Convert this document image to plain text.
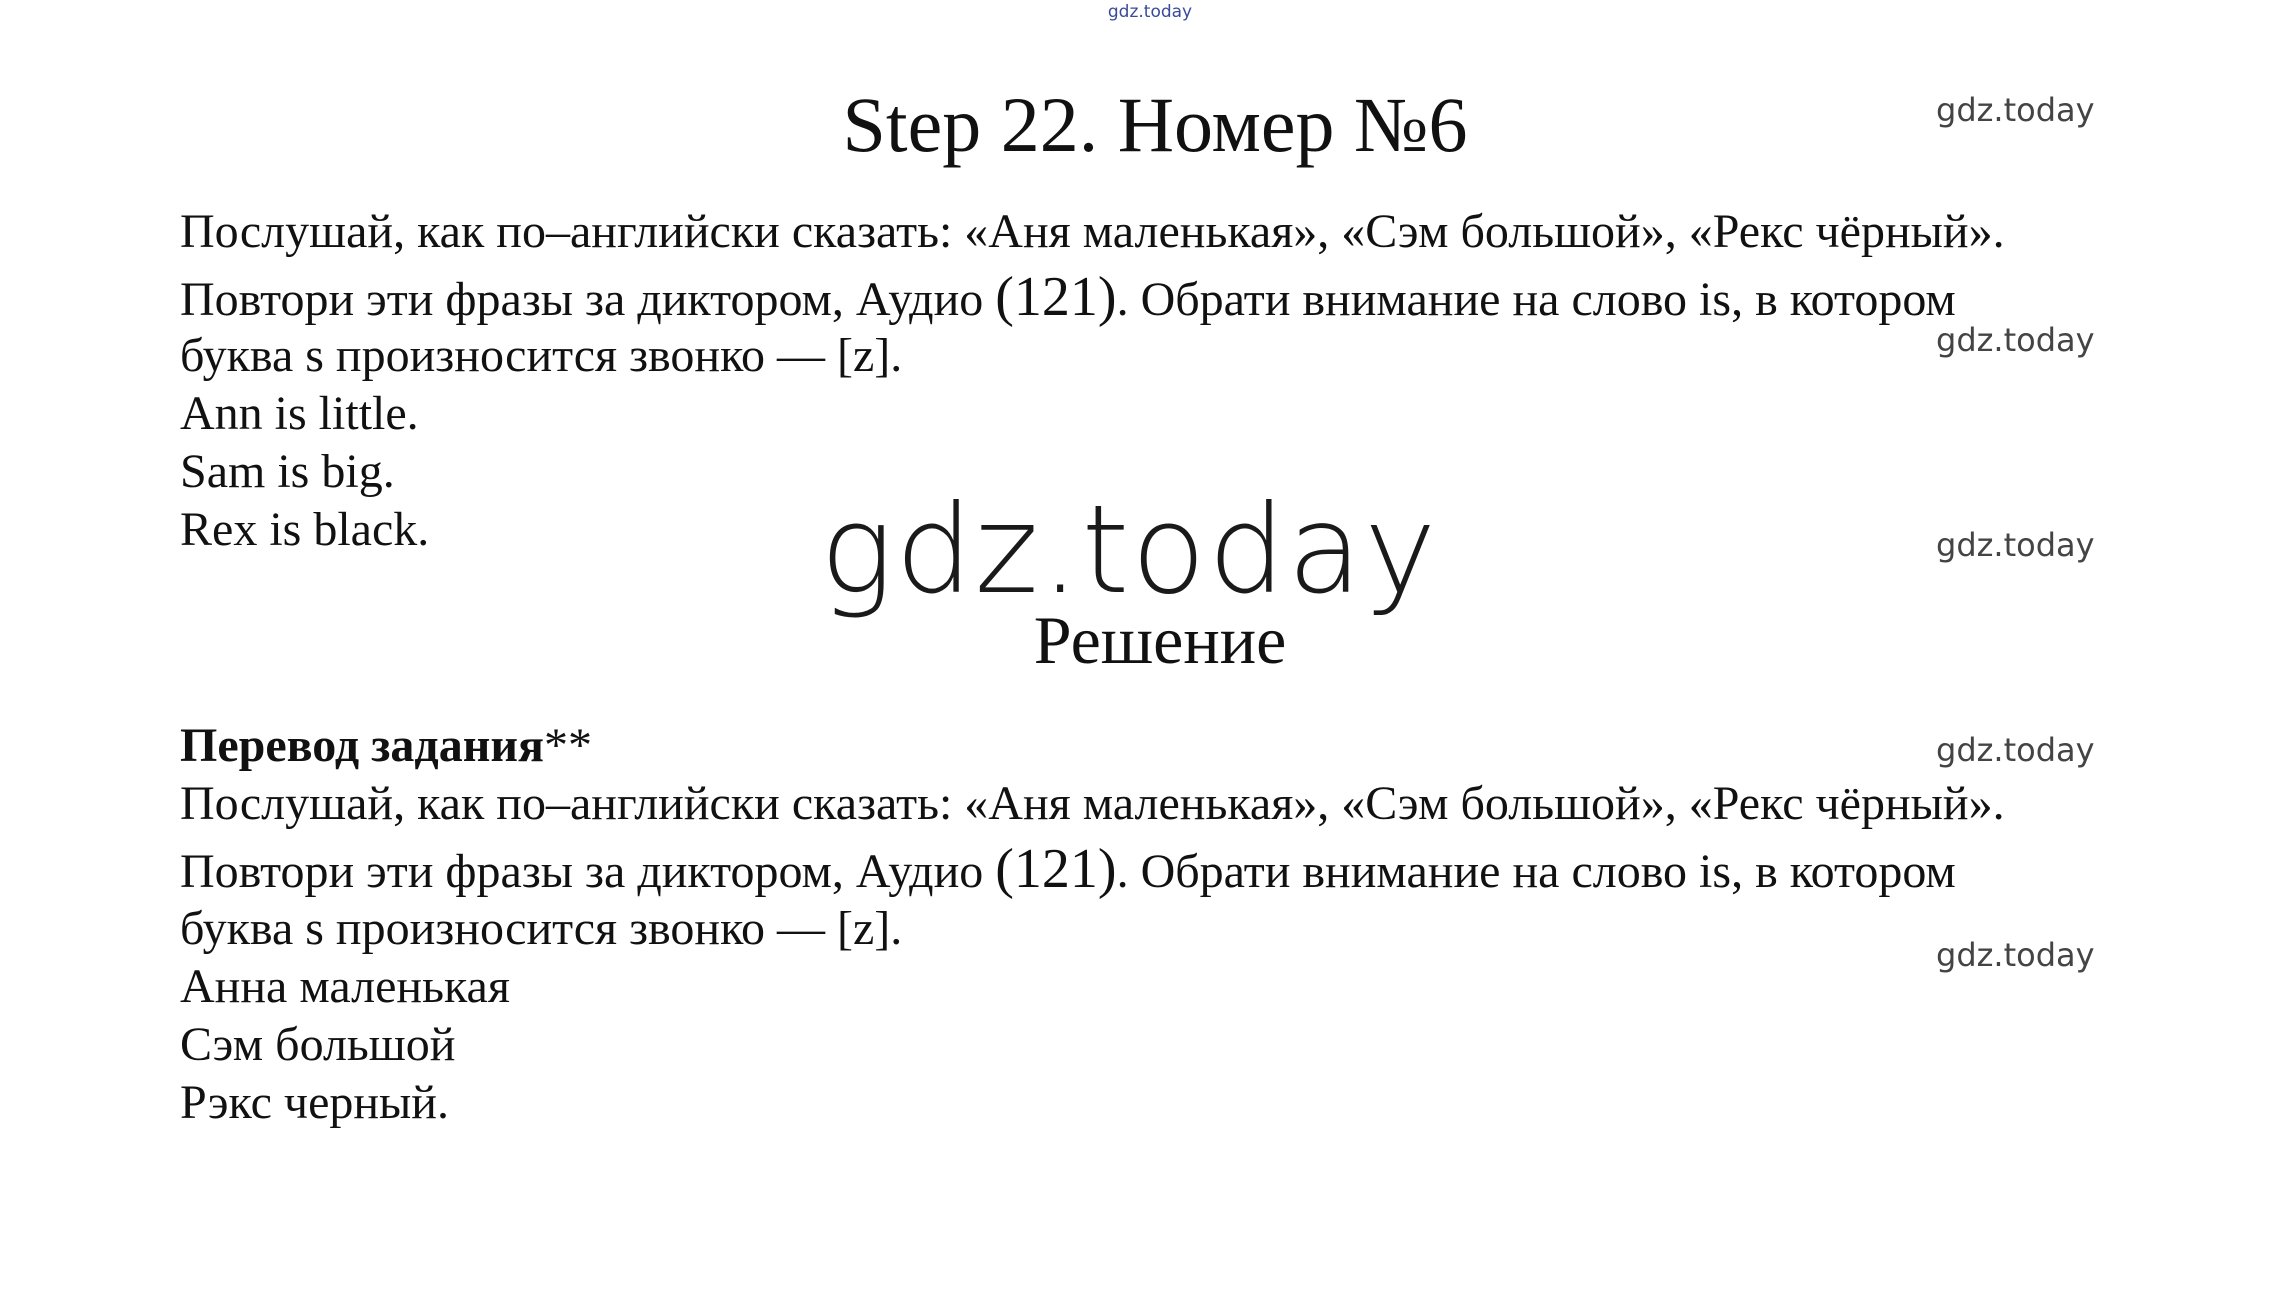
gdz.today
Step 22. Номер №6	gdz.today
gdz.today
gdz.today
gdz.today
gdz.today
Послушай, как по–английски сказать: «Аня маленькая», «Сэм большой», «Рекс чёрный».
Повтори эти фразы за диктором, Аудио (121). Обрати внимание на слово is, в котором
буква s произносится звонко — [z].
Ann is little.
Sam is big.
Rex is black.	gdz.today
Решение
Перевод задания**
Послушай, как по–английски сказать: «Аня маленькая», «Сэм большой», «Рекс чёрный».
Повтори эти фразы за диктором, Аудио (121). Обрати внимание на слово is, в котором
буква s произносится звонко — [z].
Анна маленькая
Сэм большой
Рэкс черный.
